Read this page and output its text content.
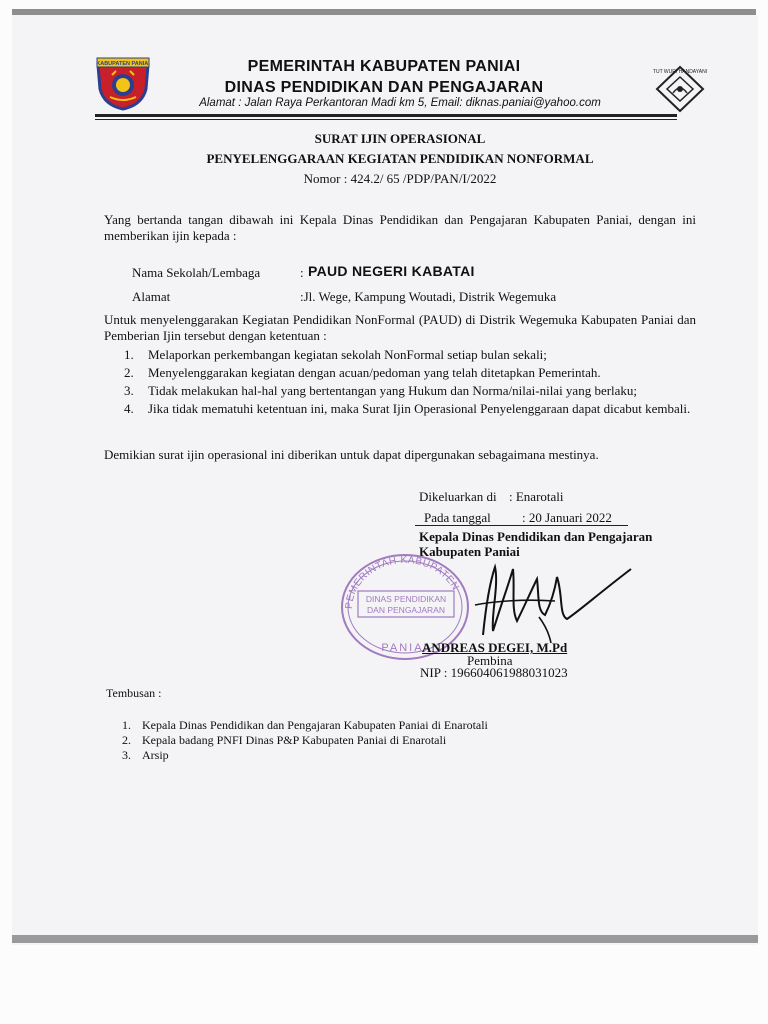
KABUPATEN PANIAI
TUT WURI HANDAYANI
PEMERINTAH KABUPATEN PANIAI
DINAS PENDIDIKAN DAN PENGAJARAN
Alamat : Jalan Raya Perkantoran Madi km 5, Email: diknas.paniai@yahoo.com
SURAT IJIN OPERASIONAL
PENYELENGGARAAN KEGIATAN PENDIDIKAN NONFORMAL
Nomor : 424.2/ 65 /PDP/PAN/I/2022
Yang bertanda tangan dibawah ini Kepala Dinas Pendidikan dan Pengajaran Kabupaten Paniai, dengan ini memberikan ijin kepada :
Nama Sekolah/Lembaga	: PAUD NEGERI KABATAI
Alamat	:Jl. Wege, Kampung Woutadi, Distrik Wegemuka
Untuk menyelenggarakan Kegiatan Pendidikan NonFormal (PAUD) di Distrik Wegemuka Kabupaten Paniai dan Pemberian Ijin tersebut dengan ketentuan :
1. Melaporkan perkembangan kegiatan sekolah NonFormal setiap bulan sekali;
2. Menyelenggarakan kegiatan dengan acuan/pedoman yang telah ditetapkan Pemerintah.
3. Tidak melakukan hal-hal yang bertentangan yang Hukum dan Norma/nilai-nilai yang berlaku;
4. Jika tidak mematuhi ketentuan ini, maka Surat Ijin Operasional Penyelenggaraan dapat dicabut kembali.
Demikian surat ijin operasional ini diberikan untuk dapat dipergunakan sebagaimana mestinya.
Dikeluarkan di : Enarotali
Pada tanggal : 20 Januari 2022
Kepala Dinas Pendidikan dan Pengajaran
Kabupaten Paniai
PEMERINTAH KABUPATEN
DINAS PENDIDIKAN
DAN PENGAJARAN
PANIAI
ANDREAS DEGEI, M.Pd
Pembina
NIP : 196604061988031023
Tembusan :
1. Kepala Dinas Pendidikan dan Pengajaran Kabupaten Paniai di Enarotali
2. Kepala badang PNFI Dinas P&P Kabupaten Paniai di Enarotali
3. Arsip
